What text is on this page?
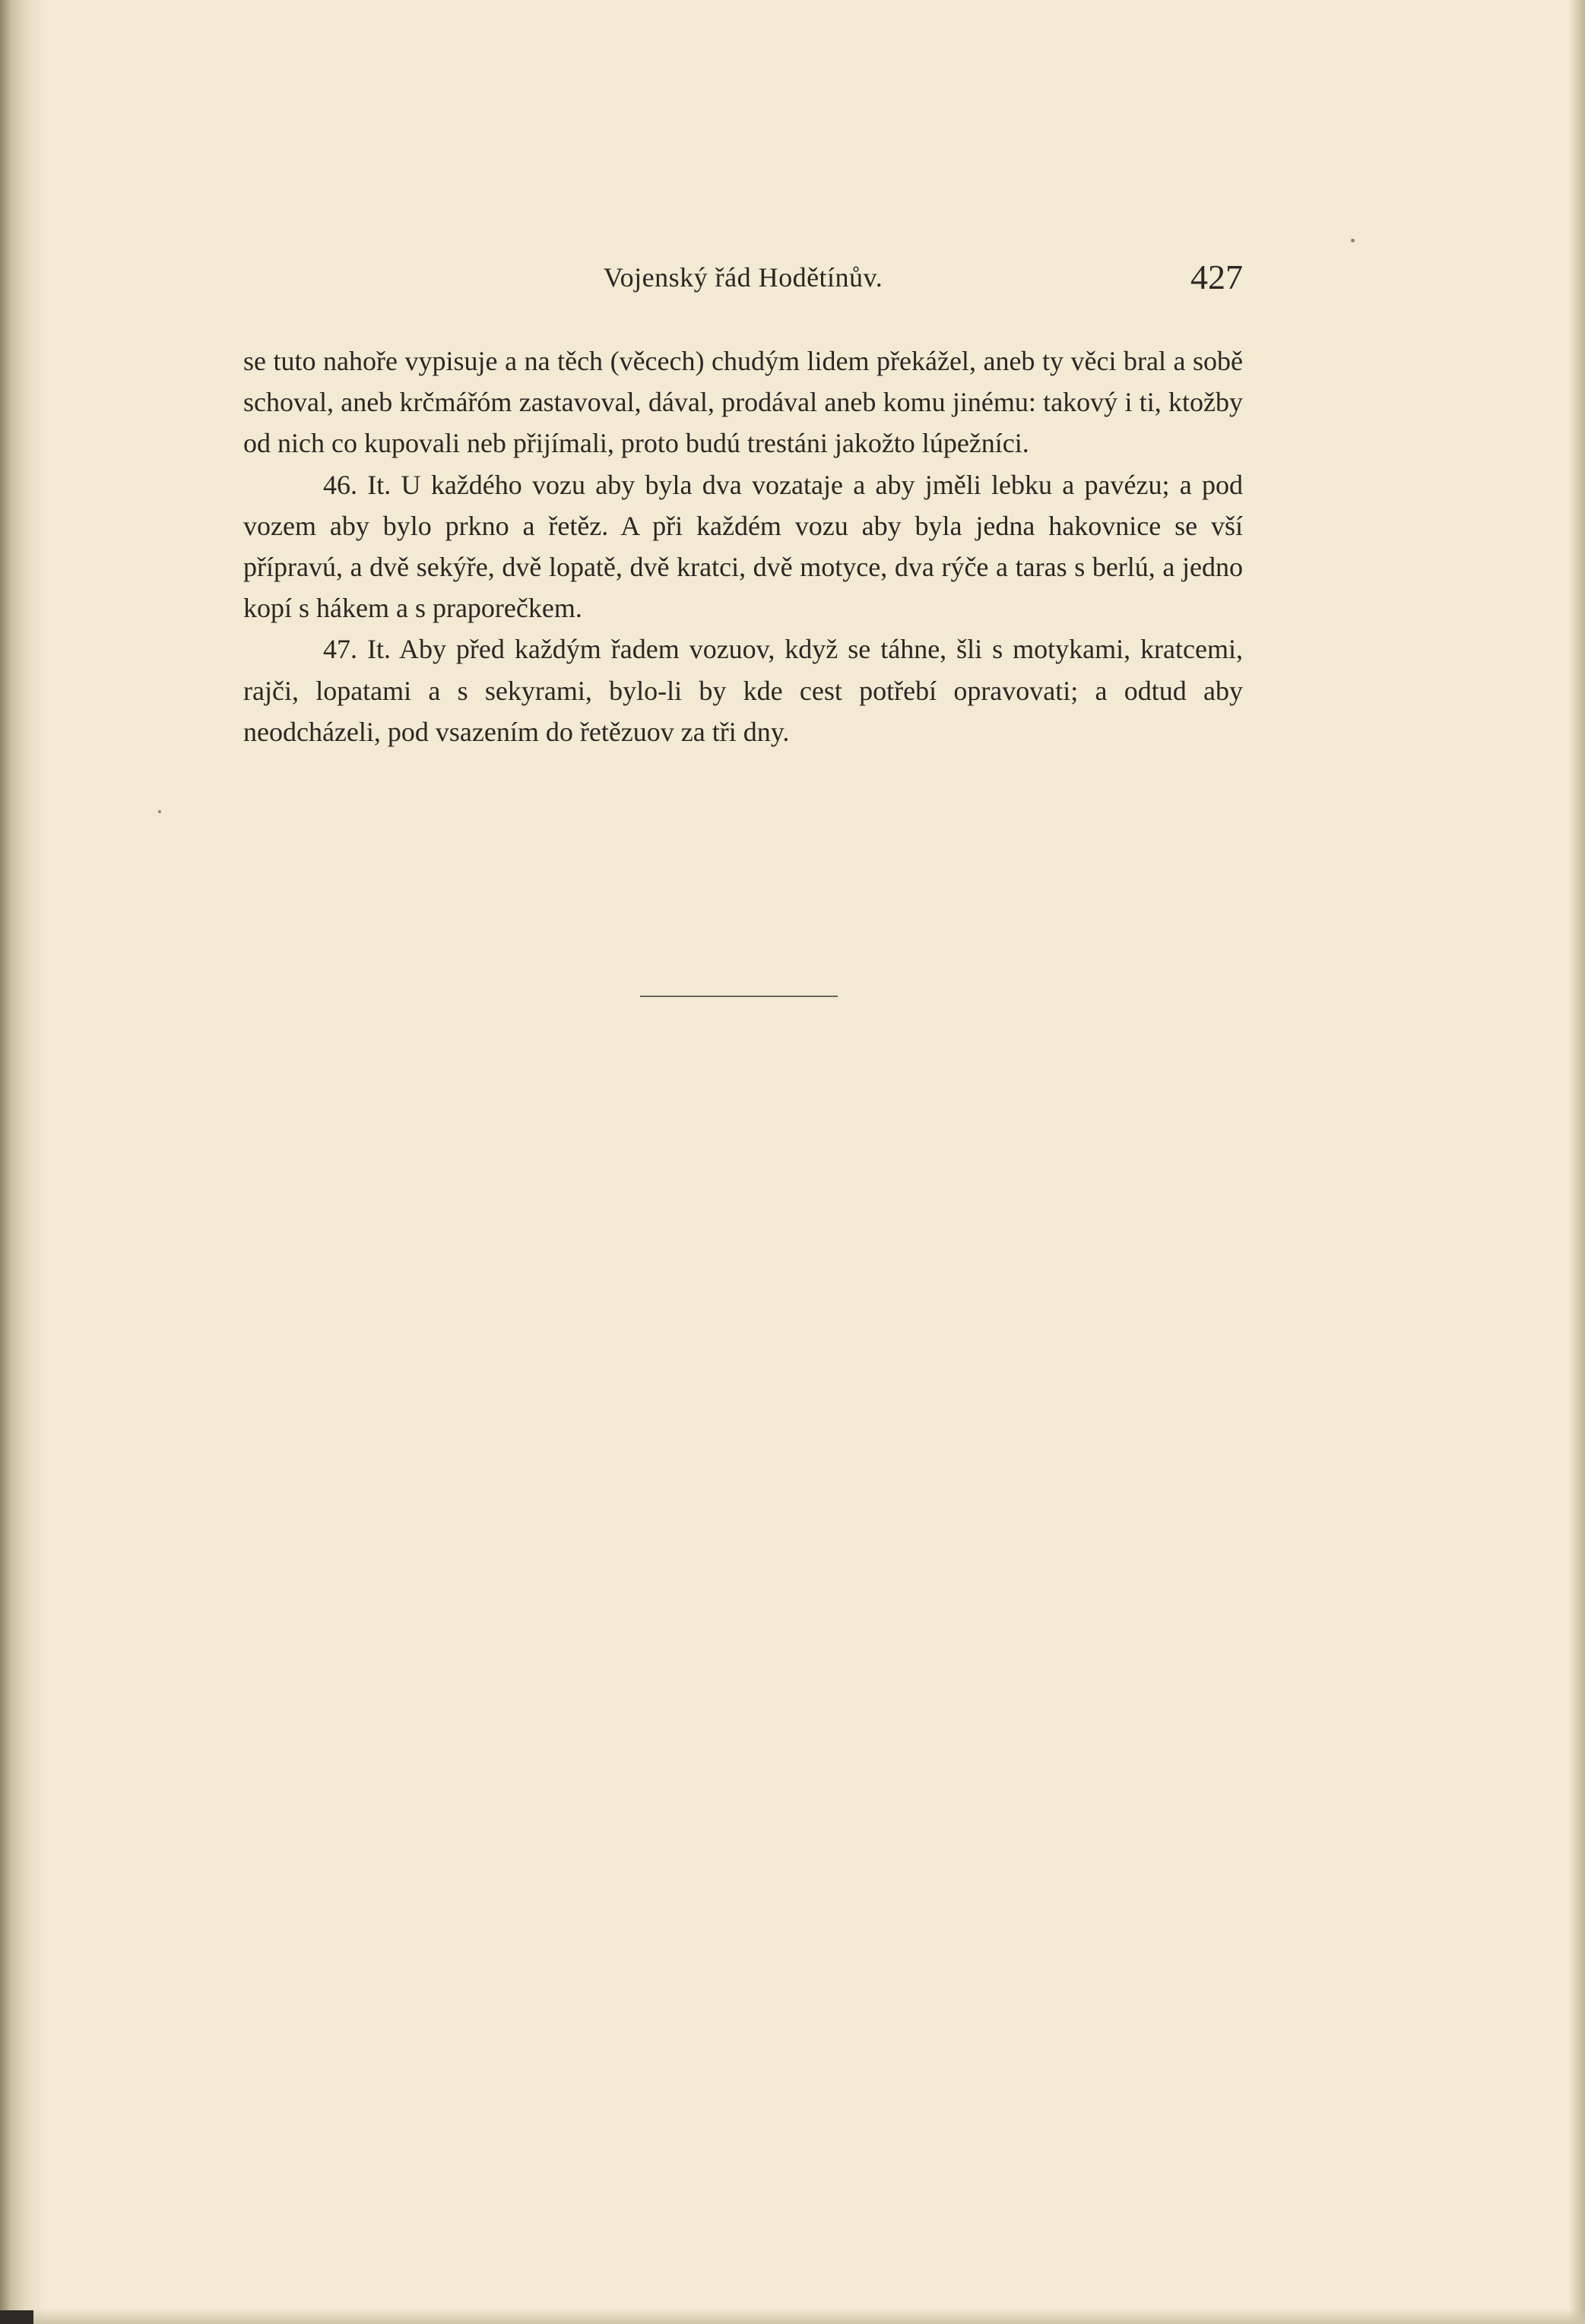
Vojenský řád Hodětínův.	427

se tuto nahoře vypisuje a na těch (věcech) chudým lidem překážel, aneb ty věci bral a sobě schoval, aneb krčmářóm zastavoval, dával, prodával aneb komu jinému: takový i ti, ktožby od nich co kupovali neb přijímali, proto budú trestáni jakožto lúpežníci.

46. It. U každého vozu aby byla dva vozataje a aby jměli lebku a pavézu; a pod vozem aby bylo prkno a řetěz. A při každém vozu aby byla jedna hakovnice se vší přípravú, a dvě sekýře, dvě lopatě, dvě kratci, dvě motyce, dva rýče a taras s berlú, a jedno kopí s hákem a s praporečkem.

47. It. Aby před každým řadem vozuov, když se táhne, šli s motykami, kratcemi, rajči, lopatami a s sekyrami, bylo-li by kde cest potřebí opravovati; a odtud aby neodcházeli, pod vsazením do řetězuov za tři dny.
